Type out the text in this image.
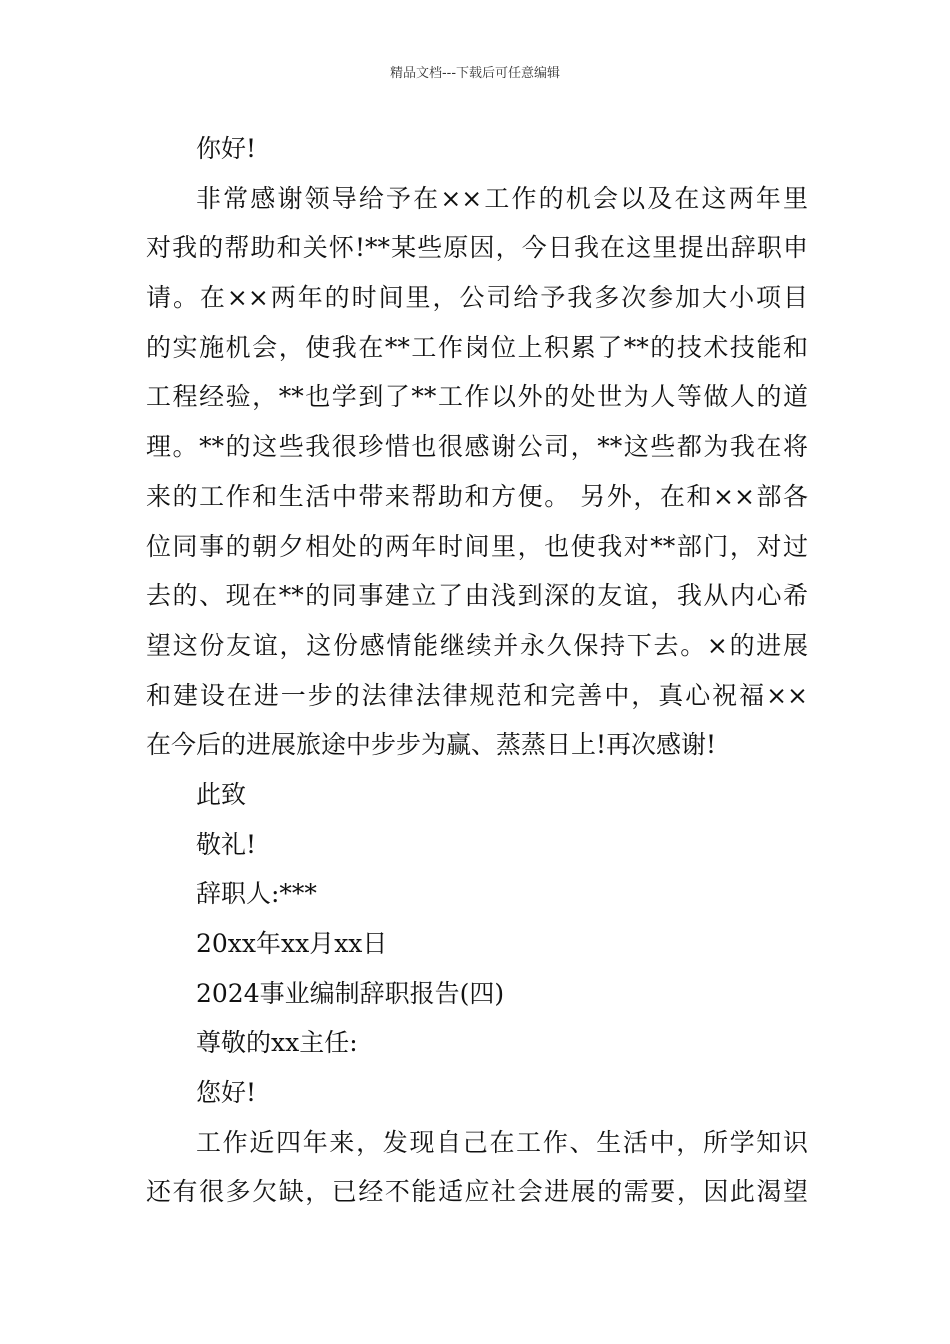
精品文档---下载后可任意编辑
你好!
非常感谢领导给予在××工作的机会以及在这两年里
对我的帮助和关怀!**某些原因，今日我在这里提出辞职申
请。在××两年的时间里，公司给予我多次参加大小项目
的实施机会，使我在**工作岗位上积累了**的技术技能和
工程经验，**也学到了**工作以外的处世为人等做人的道
理。**的这些我很珍惜也很感谢公司，**这些都为我在将
来的工作和生活中带来帮助和方便。 另外，在和××部各
位同事的朝夕相处的两年时间里，也使我对**部门，对过
去的、现在**的同事建立了由浅到深的友谊，我从内心希
望这份友谊，这份感情能继续并永久保持下去。×的进展
和建设在进一步的法律法律规范和完善中，真心祝福××
在今后的进展旅途中步步为赢、蒸蒸日上!再次感谢!
此致
敬礼!
辞职人:***
20xx年xx月xx日
2024事业编制辞职报告(四)
尊敬的xx主任:
您好!
工作近四年来，发现自己在工作、生活中，所学知识
还有很多欠缺，已经不能适应社会进展的需要，因此渴望
